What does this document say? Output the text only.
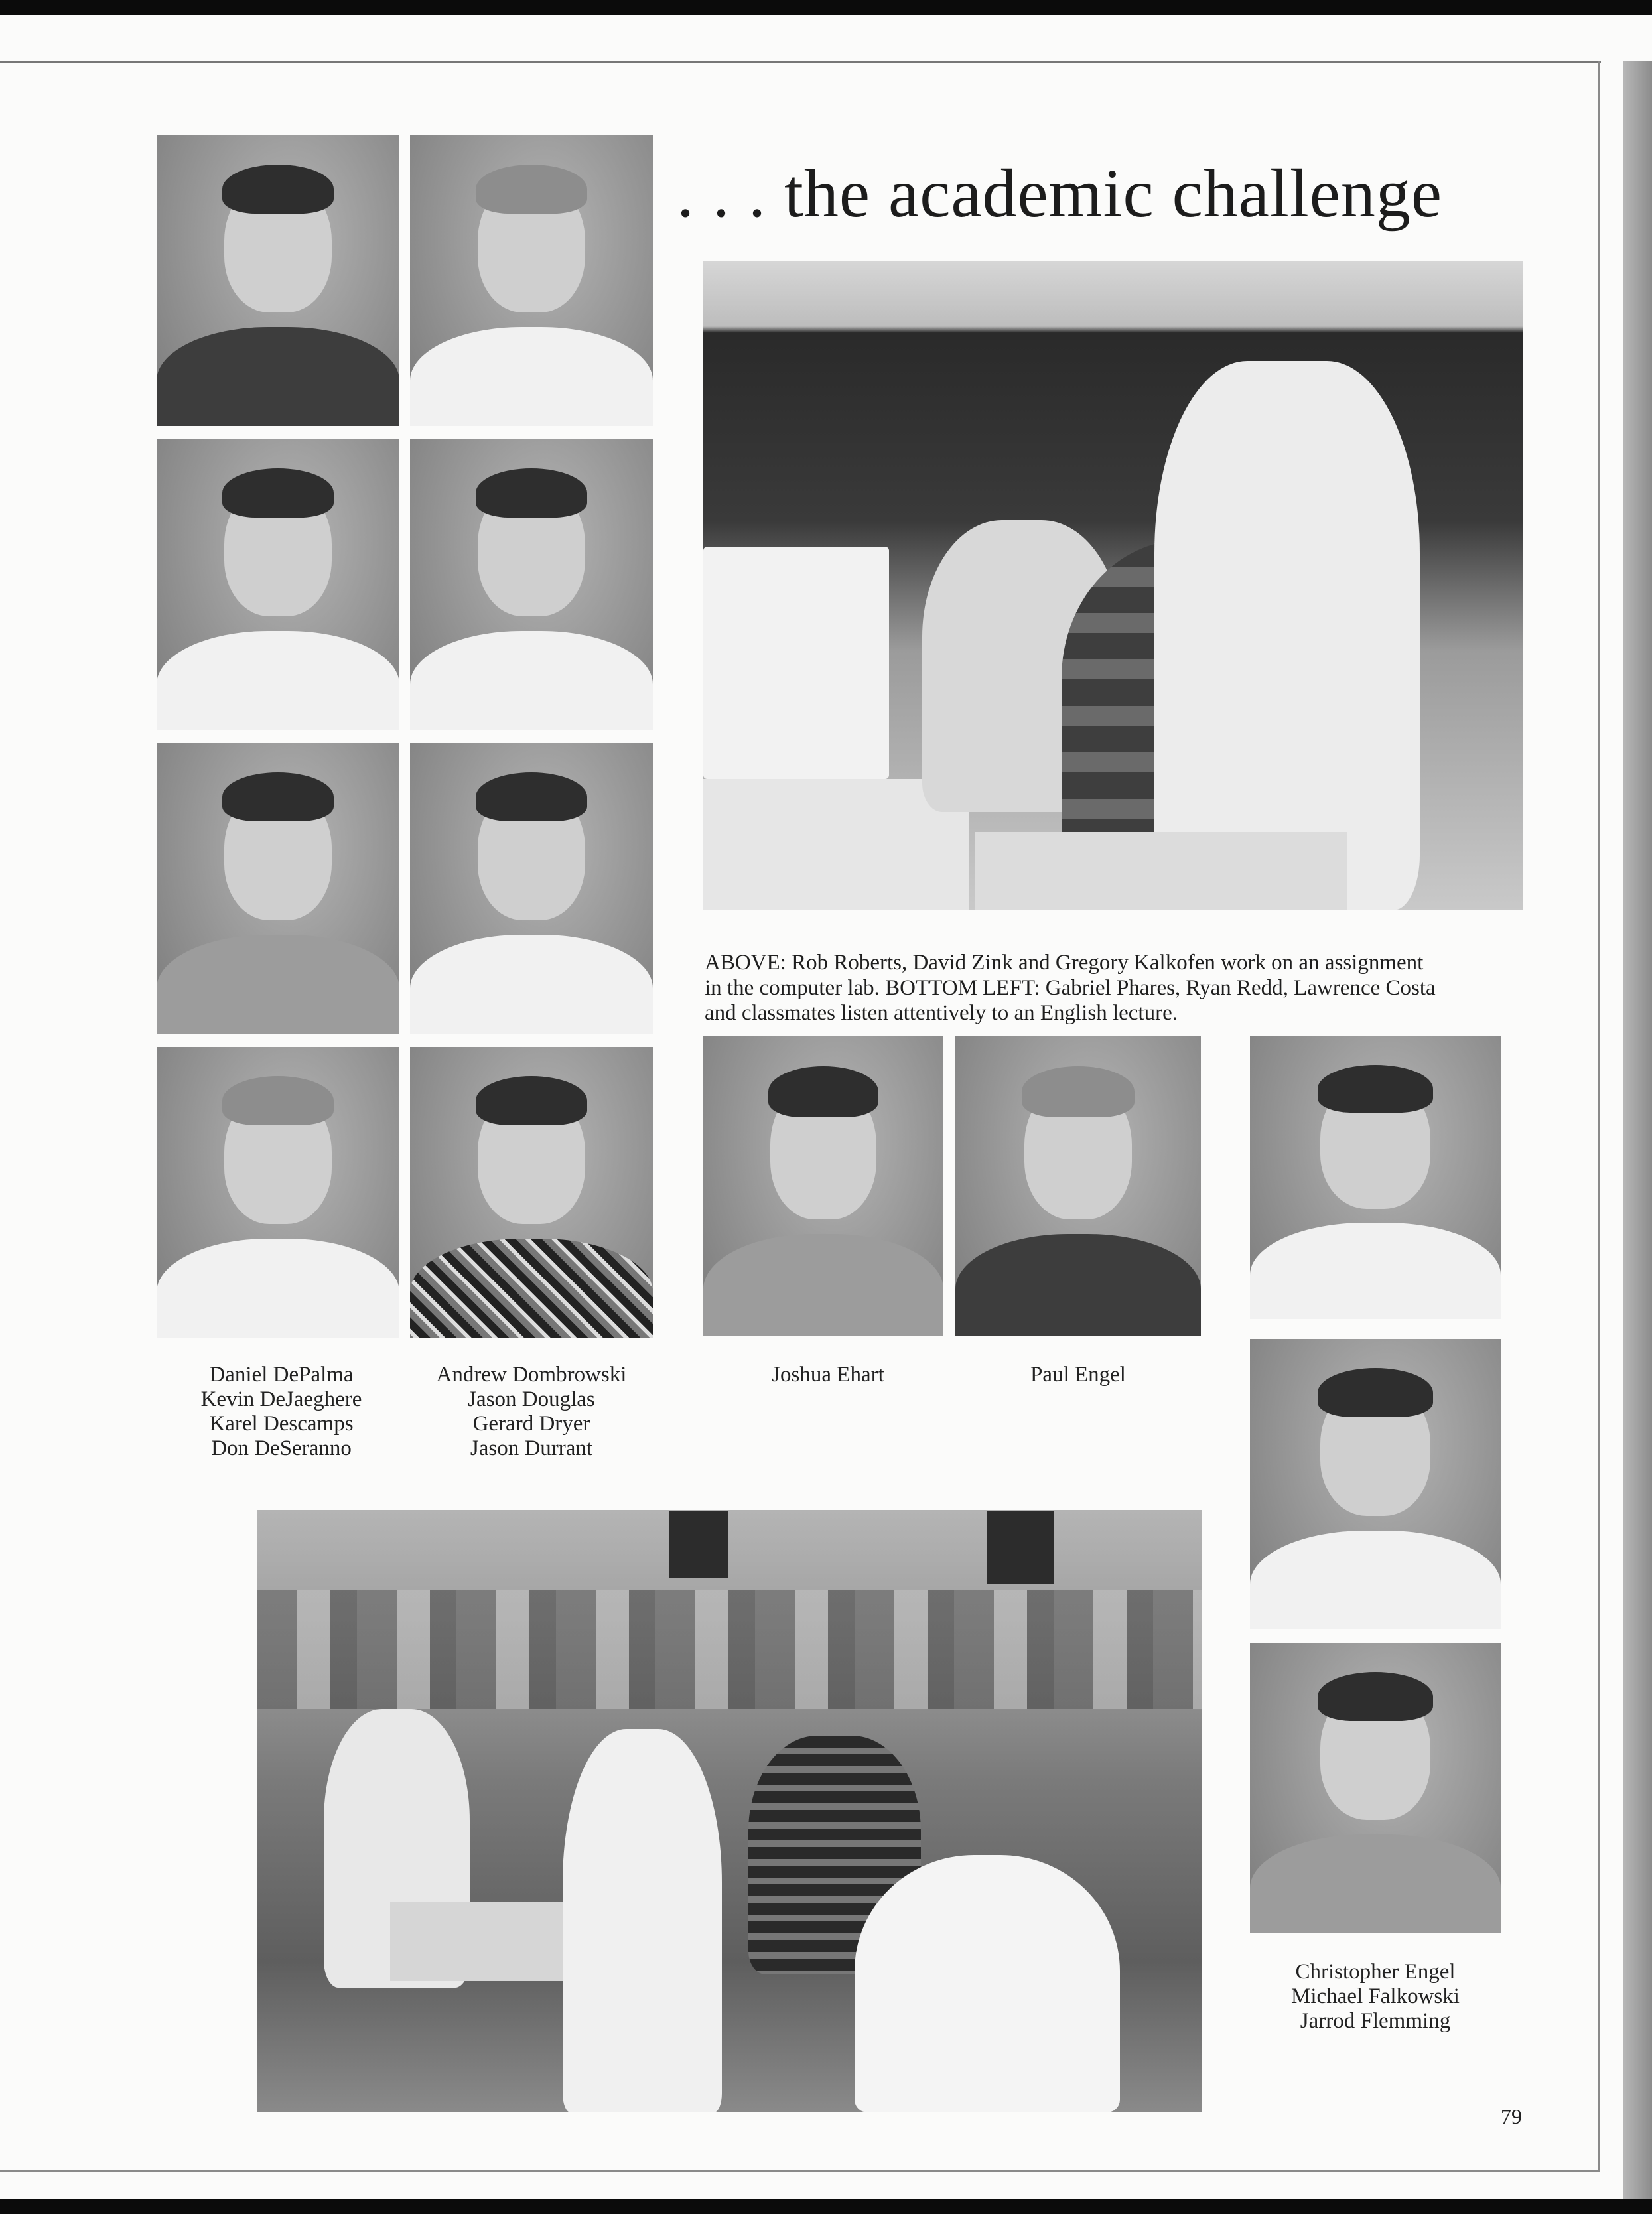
. . . the academic challenge
ABOVE: Rob Roberts, David Zink and Gregory Kalkofen work on an assignment
in the computer lab. BOTTOM LEFT: Gabriel Phares, Ryan Redd, Lawrence Costa
and classmates listen attentively to an English lecture.
Daniel DePalma
Kevin DeJaeghere
Karel Descamps
Don DeSeranno
Andrew Dombrowski
Jason Douglas
Gerard Dryer
Jason Durrant
Joshua Ehart	Paul Engel
Christopher Engel
Michael Falkowski
Jarrod Flemming
79
